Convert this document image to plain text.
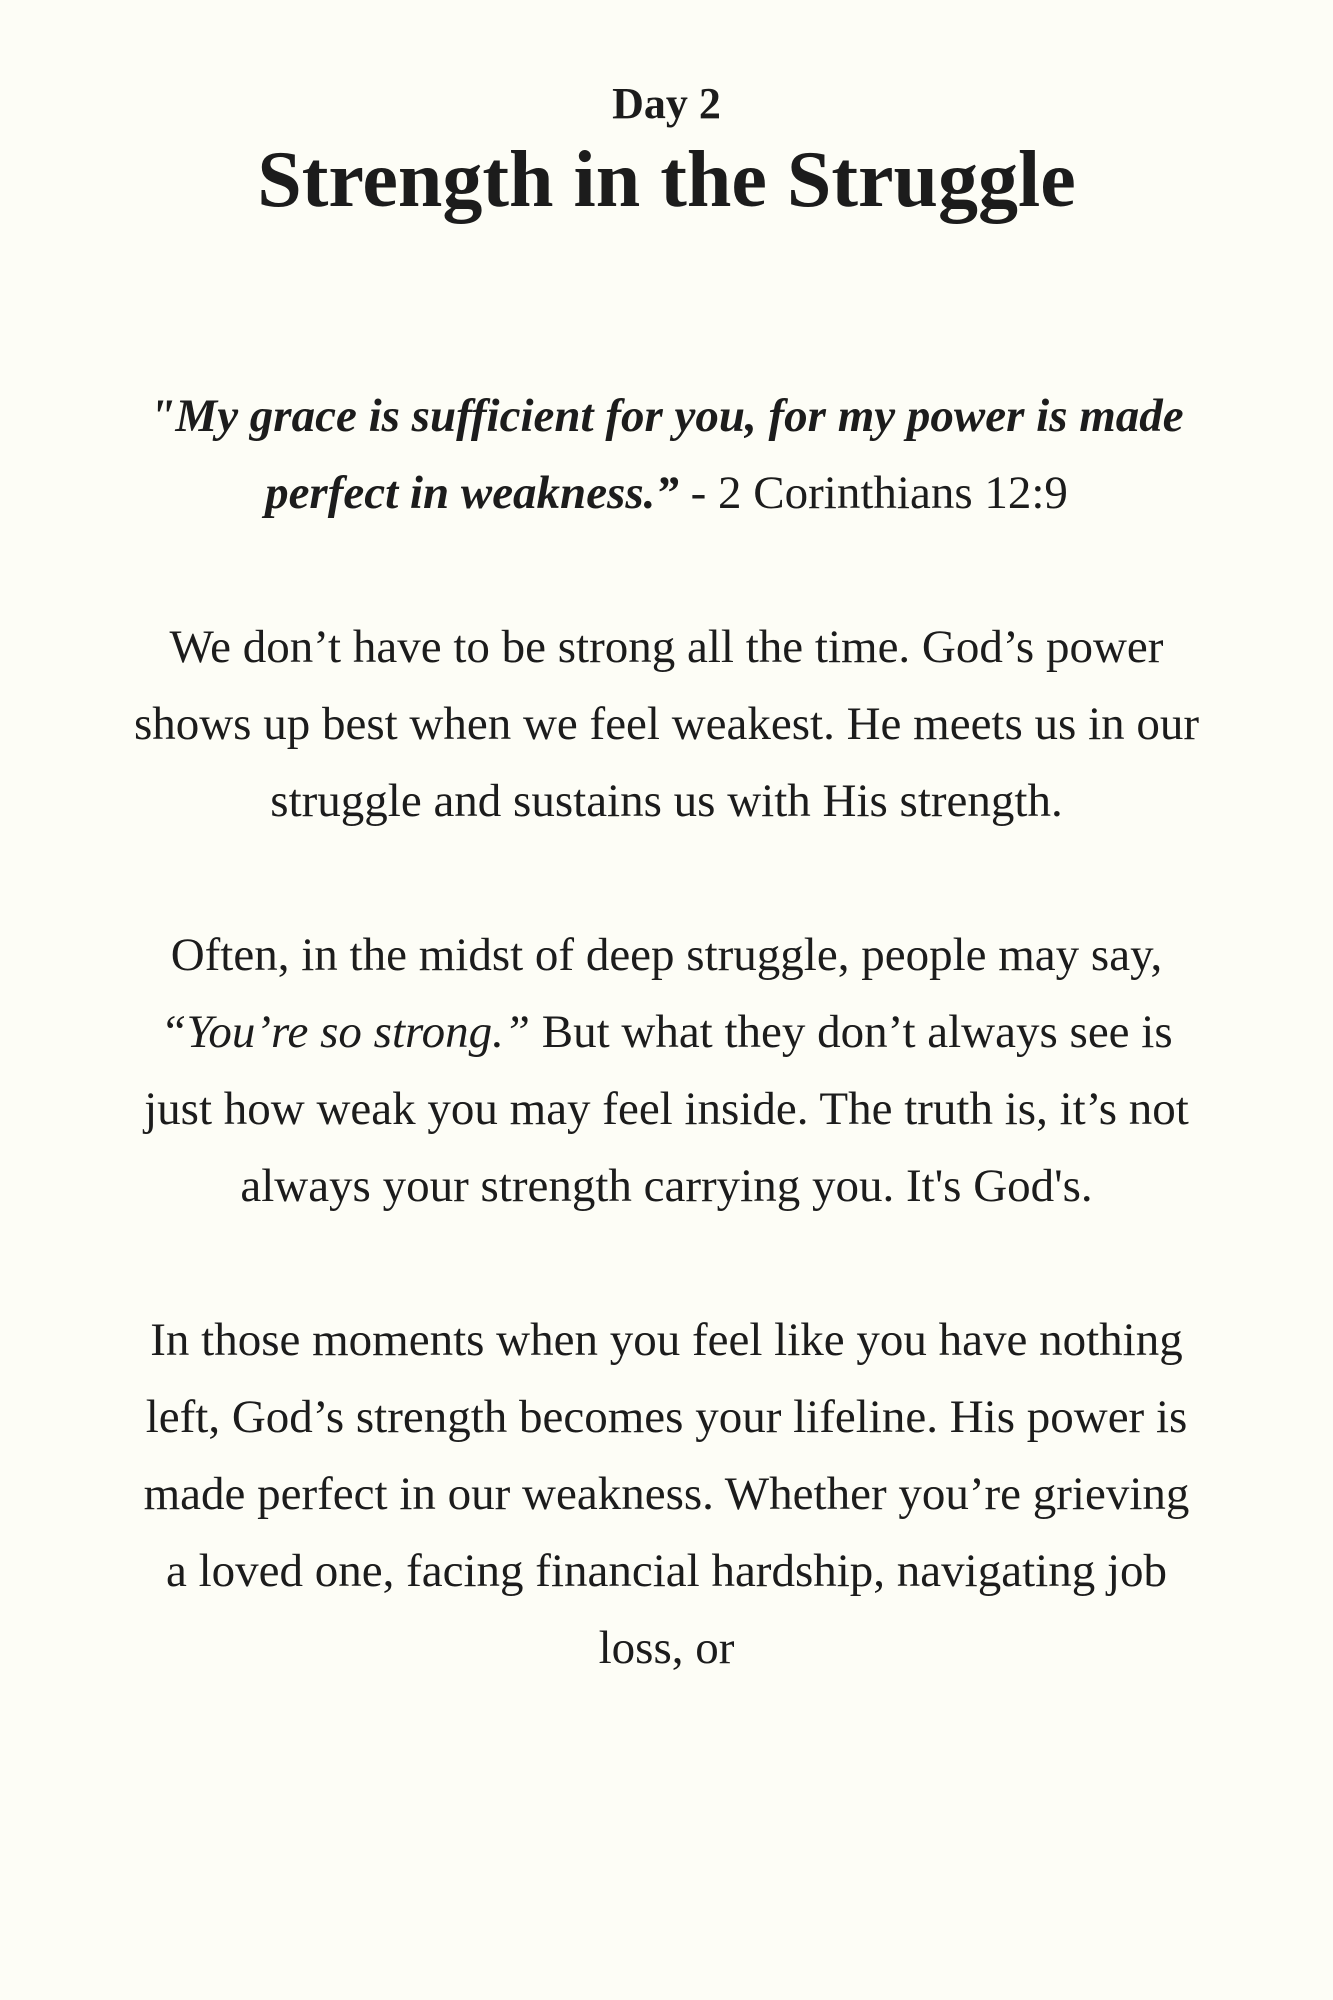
Day 2
Strength in the Struggle

"My grace is sufficient for you, for my power is made perfect in weakness.” - 2 Corinthians 12:9

We don’t have to be strong all the time. God’s power shows up best when we feel weakest. He meets us in our struggle and sustains us with His strength.

Often, in the midst of deep struggle, people may say, “You’re so strong.” But what they don’t always see is just how weak you may feel inside. The truth is, it’s not always your strength carrying you. It's God's.

In those moments when you feel like you have nothing left, God’s strength becomes your lifeline. His power is made perfect in our weakness. Whether you’re grieving a loved one, facing financial hardship, navigating job loss, or
